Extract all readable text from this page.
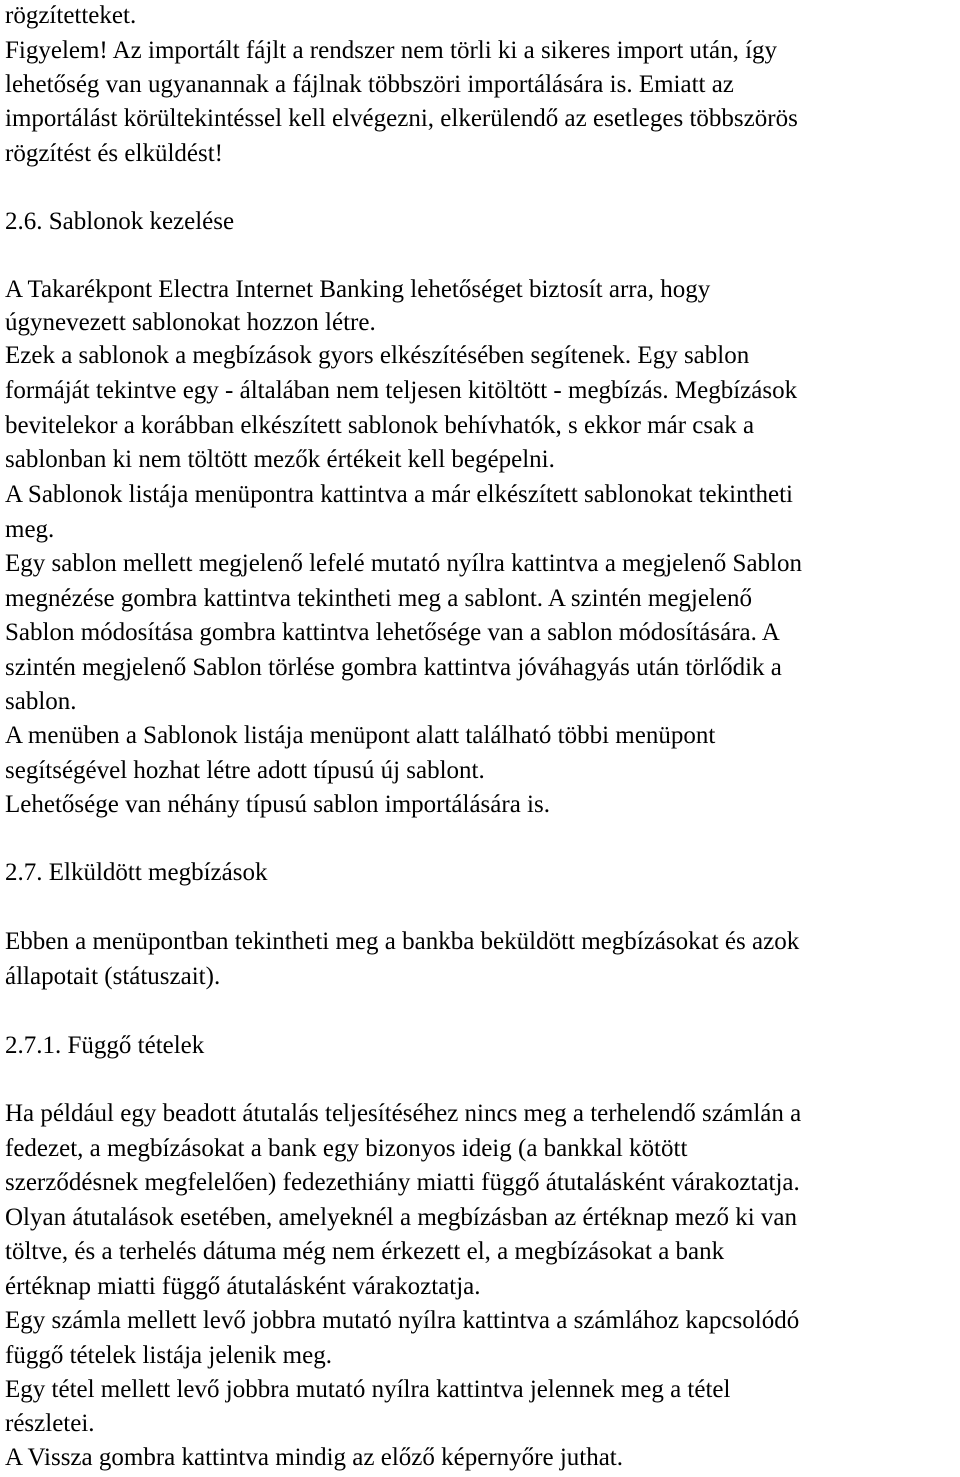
rögzítetteket.

Figyelem! Az importált fájlt a rendszer nem törli ki a sikeres import után, így

lehetőség van ugyanannak a fájlnak többszöri importálására is. Emiatt az

importálást körültekintéssel kell elvégezni, elkerülendő az esetleges többszörös

rögzítést és elküldést!

2.6. Sablonok kezelése

A Takarékpont Electra Internet Banking lehetőséget biztosít arra, hogy

úgynevezett sablonokat hozzon létre.

Ezek a sablonok a megbízások gyors elkészítésében segítenek. Egy sablon

formáját tekintve egy - általában nem teljesen kitöltött - megbízás. Megbízások

bevitelekor a korábban elkészített sablonok behívhatók, s ekkor már csak a

sablonban ki nem töltött mezők értékeit kell begépelni.

A Sablonok listája menüpontra kattintva a már elkészített sablonokat tekintheti

meg.

Egy sablon mellett megjelenő lefelé mutató nyílra kattintva a megjelenő Sablon

megnézése gombra kattintva tekintheti meg a sablont. A szintén megjelenő

Sablon módosítása gombra kattintva lehetősége van a sablon módosítására. A

szintén megjelenő Sablon törlése gombra kattintva jóváhagyás után törlődik a

sablon.

A menüben a Sablonok listája menüpont alatt található többi menüpont

segítségével hozhat létre adott típusú új sablont.

Lehetősége van néhány típusú sablon importálására is.

2.7. Elküldött megbízások

Ebben a menüpontban tekintheti meg a bankba beküldött megbízásokat és azok

állapotait (státuszait).

2.7.1. Függő tételek

Ha például egy beadott átutalás teljesítéséhez nincs meg a terhelendő számlán a

fedezet, a megbízásokat a bank egy bizonyos ideig (a bankkal kötött

szerződésnek megfelelően) fedezethiány miatti függő átutalásként várakoztatja.

Olyan átutalások esetében, amelyeknél a megbízásban az értéknap mező ki van

töltve, és a terhelés dátuma még nem érkezett el, a megbízásokat a bank

értéknap miatti függő átutalásként várakoztatja.

Egy számla mellett levő jobbra mutató nyílra kattintva a számlához kapcsolódó

függő tételek listája jelenik meg.

Egy tétel mellett levő jobbra mutató nyílra kattintva jelennek meg a tétel

részletei.

A Vissza gombra kattintva mindig az előző képernyőre juthat.
